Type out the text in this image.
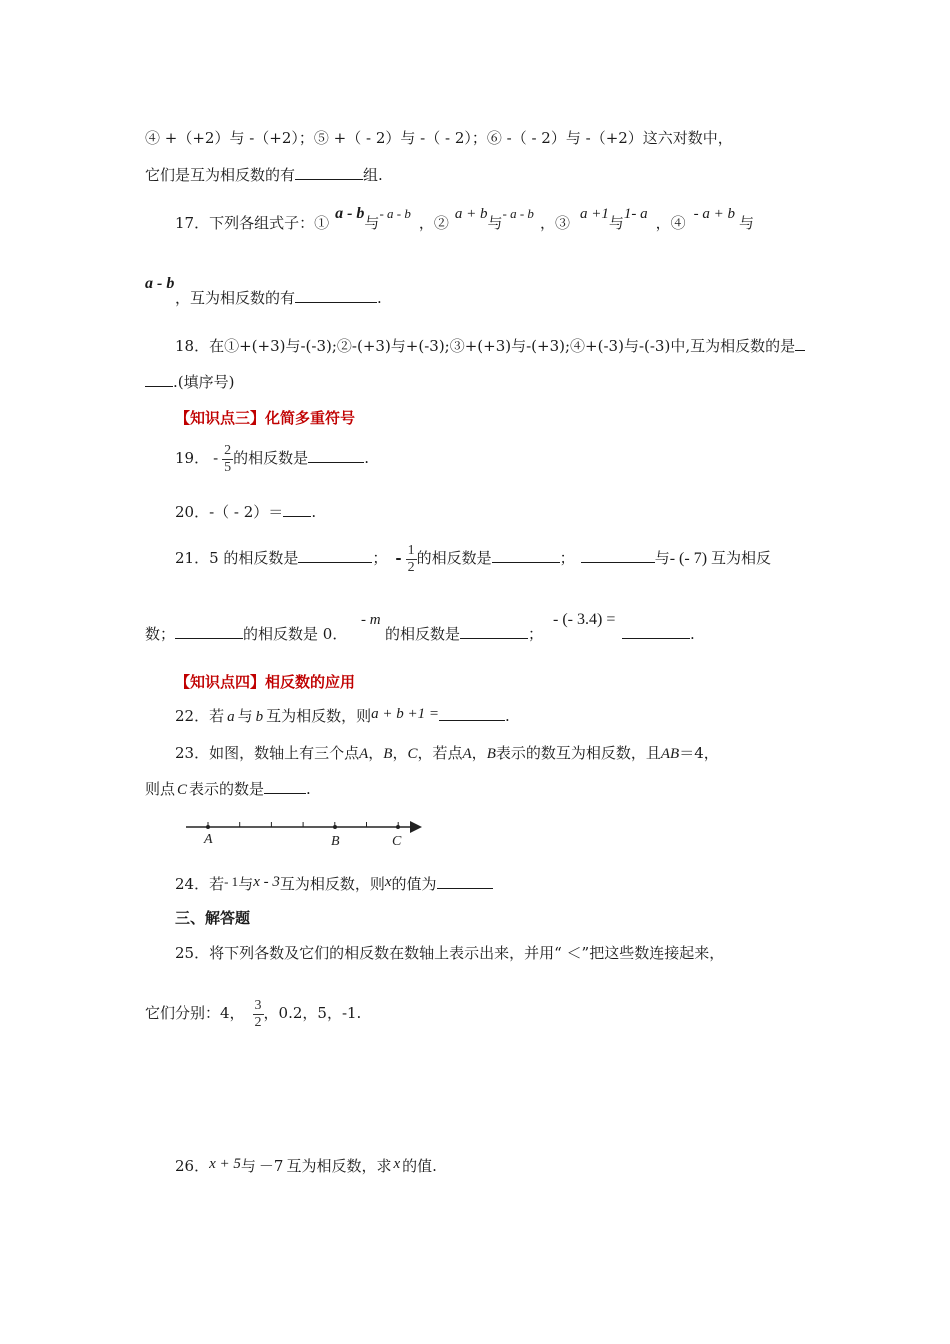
④ +（+2）与 -（+2）；⑤ +（ - 2）与 -（ - 2）；⑥ -（ - 2）与 -（+2）这六对数中，
它们是互为相反数的有	组.
17．下列各组式子：①a - b与- a - b，② a + b与- a - b，③ a +1与1- a ，④ - a + b 与
a - b
，互为相反数的有	.
18．在①+(+3)与-(-3);②-(+3)与+(-3);③+(+3)与-(+3);④+(-3)与-(-3)中,互为相反数的是
.(填序号)
【知识点三】化简多重符号
19． - $\frac{2}{5}$ 的相反数是	.
20．-（ - 2）＝ .
21．5 的相反数是	； - $\frac{1}{2}$ 的相反数是	；	与- (- 7) 互为相反
数；	的相反数是 0．
- m
的相反数是	；
- (- 3.4) =
.
【知识点四】相反数的应用
22．若 a 与 b 互为相反数，则a + b +1 =	.
23．如图，数轴上有三个点A，B，C，若点A，B表示的数互为相反数，且AB＝4，
则点 C 表示的数是	.
A	B	C
24．若- 1与x - 3互为相反数，则x的值为
三、解答题
25．将下列各数及它们的相反数在数轴上表示出来，并用“ ＜”把这些数连接起来，
它们分别：4， $\frac{3}{2}$ ，0.2，5，-1.
26．x + 5与 －7 互为相反数，求 x 的值.
